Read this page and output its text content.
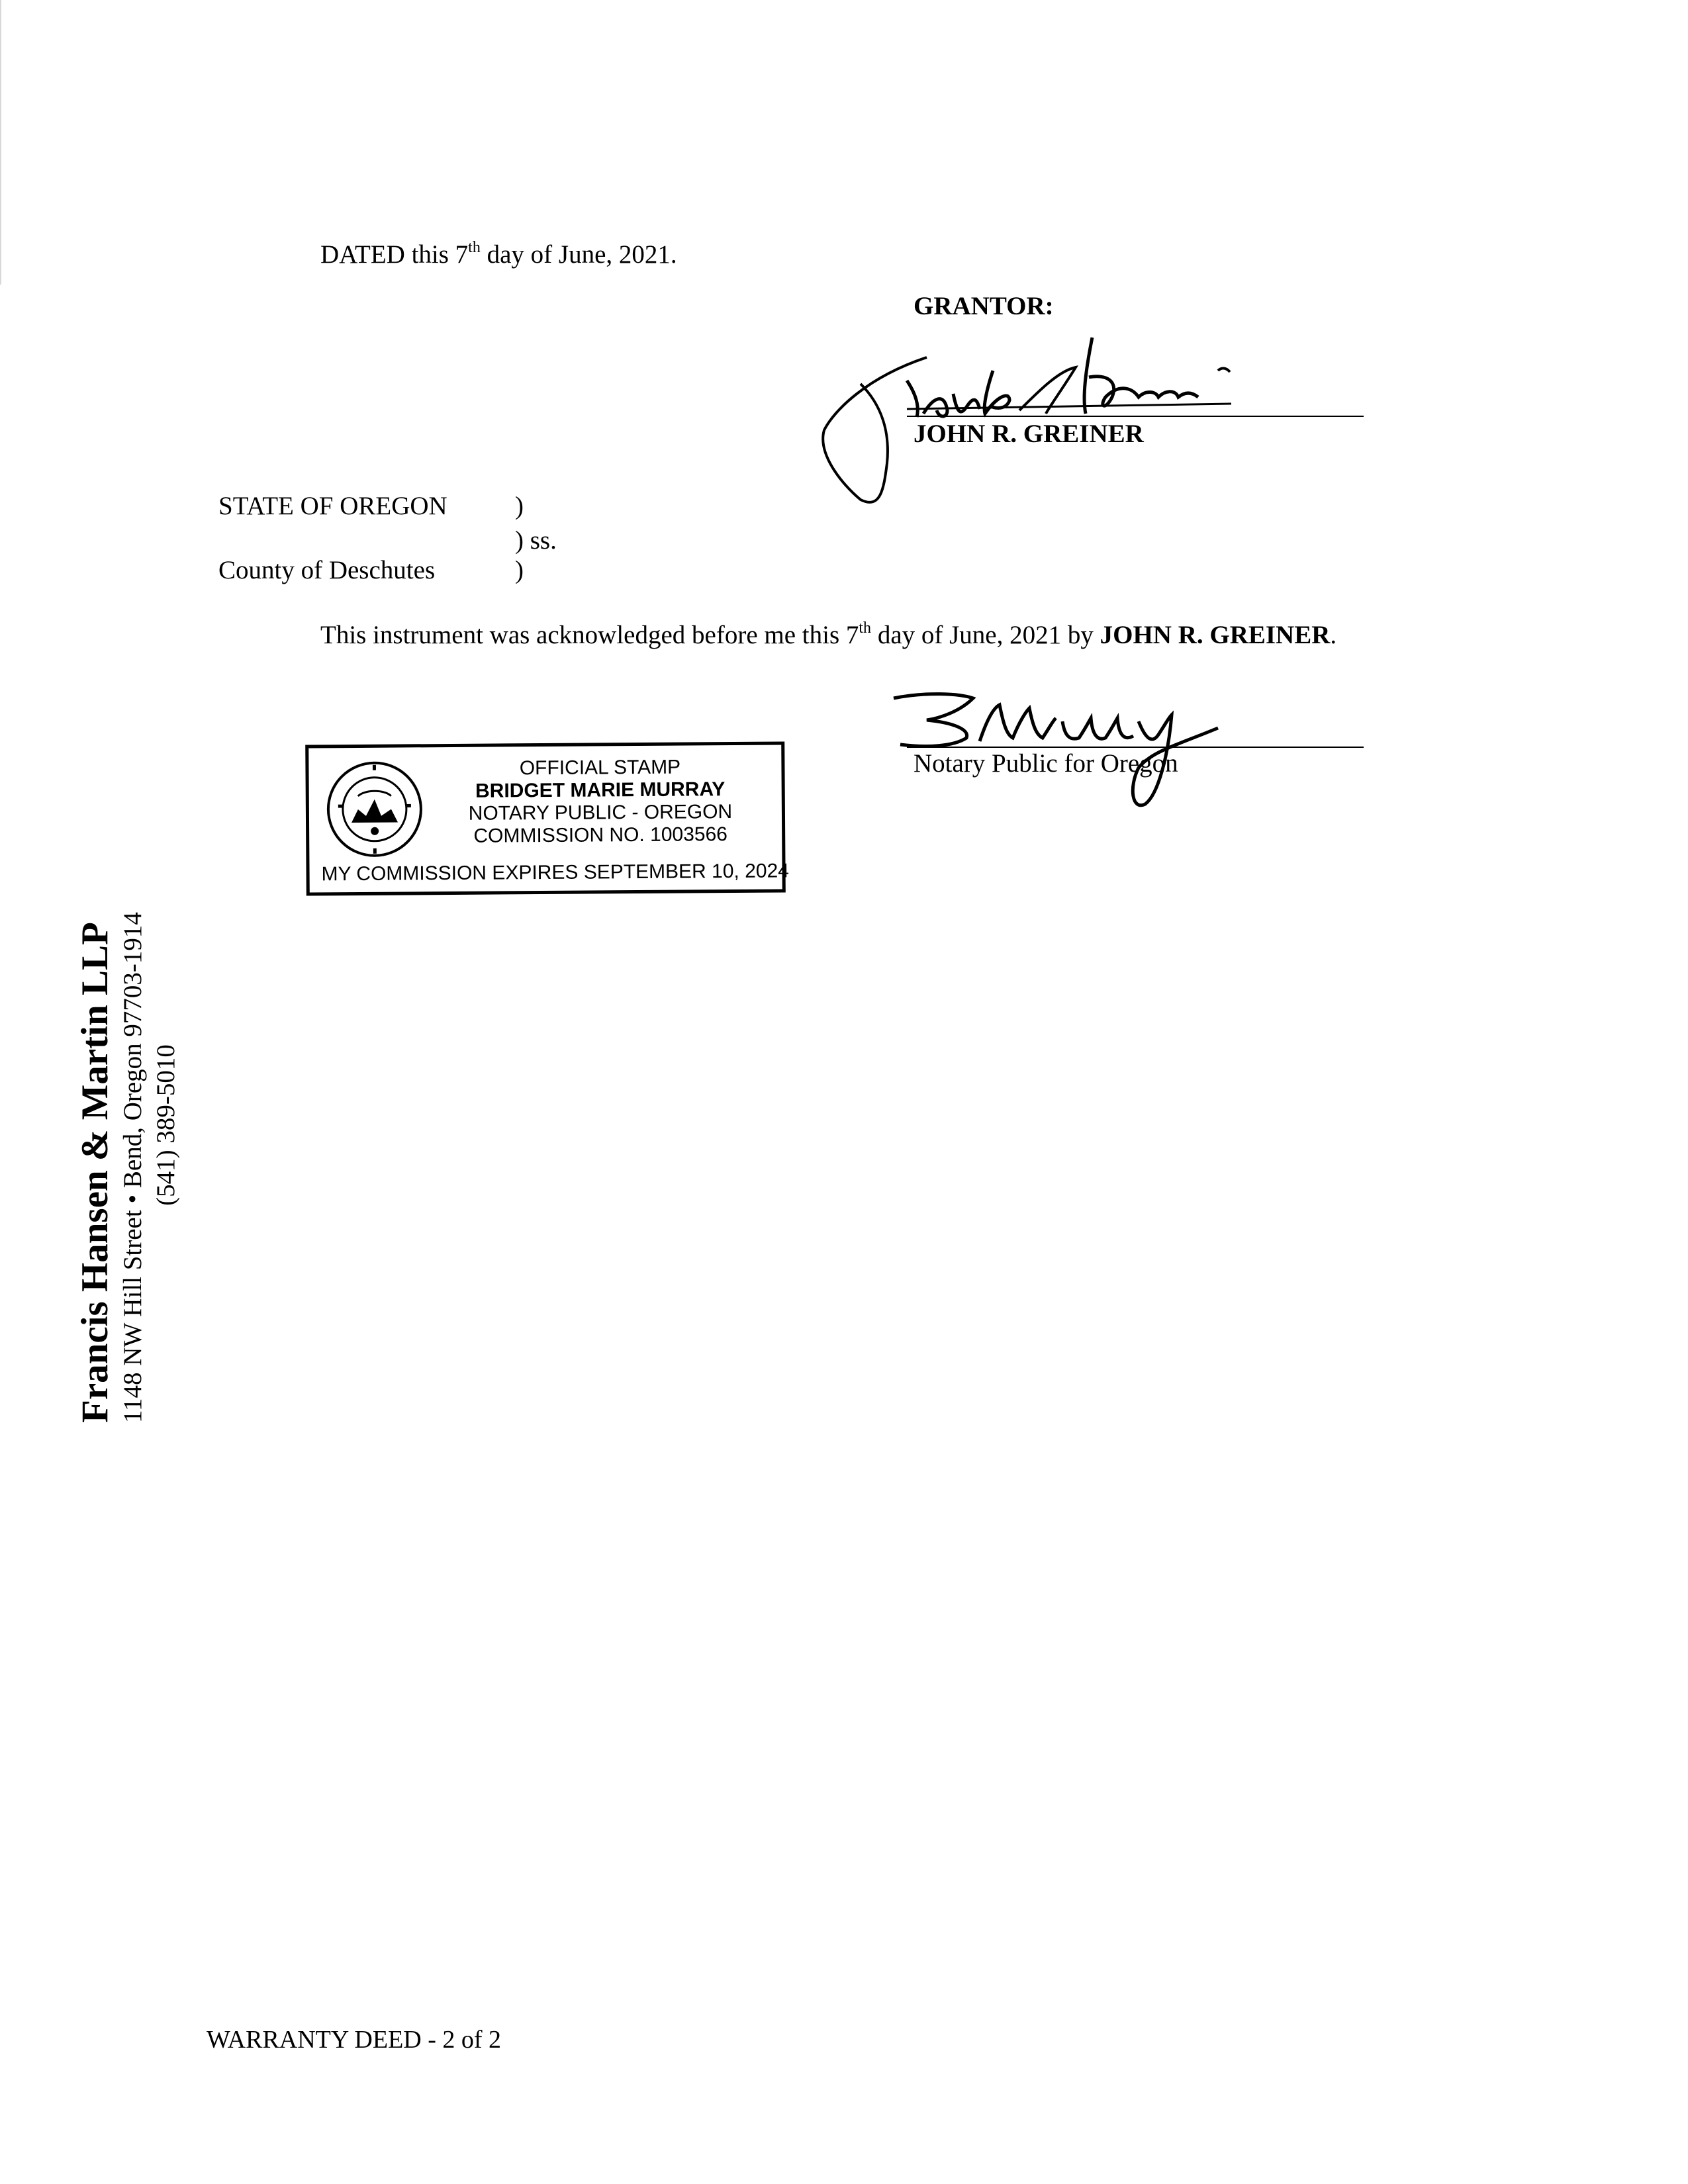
DATED this 7th day of June, 2021.
GRANTOR:
JOHN R. GREINER
STATE OF OREGON	)
) ss.
County of Deschutes	)
This instrument was acknowledged before me this 7th day of June, 2021 by JOHN R. GREINER.
Notary Public for Oregon
OFFICIAL STAMP
BRIDGET MARIE MURRAY
NOTARY PUBLIC - OREGON
COMMISSION NO. 1003566
MY COMMISSION EXPIRES SEPTEMBER 10, 2024
Francis Hansen & Martin LLP 1148 NW Hill Street • Bend, Oregon 97703-1914 (541) 389-5010
WARRANTY DEED - 2 of 2
